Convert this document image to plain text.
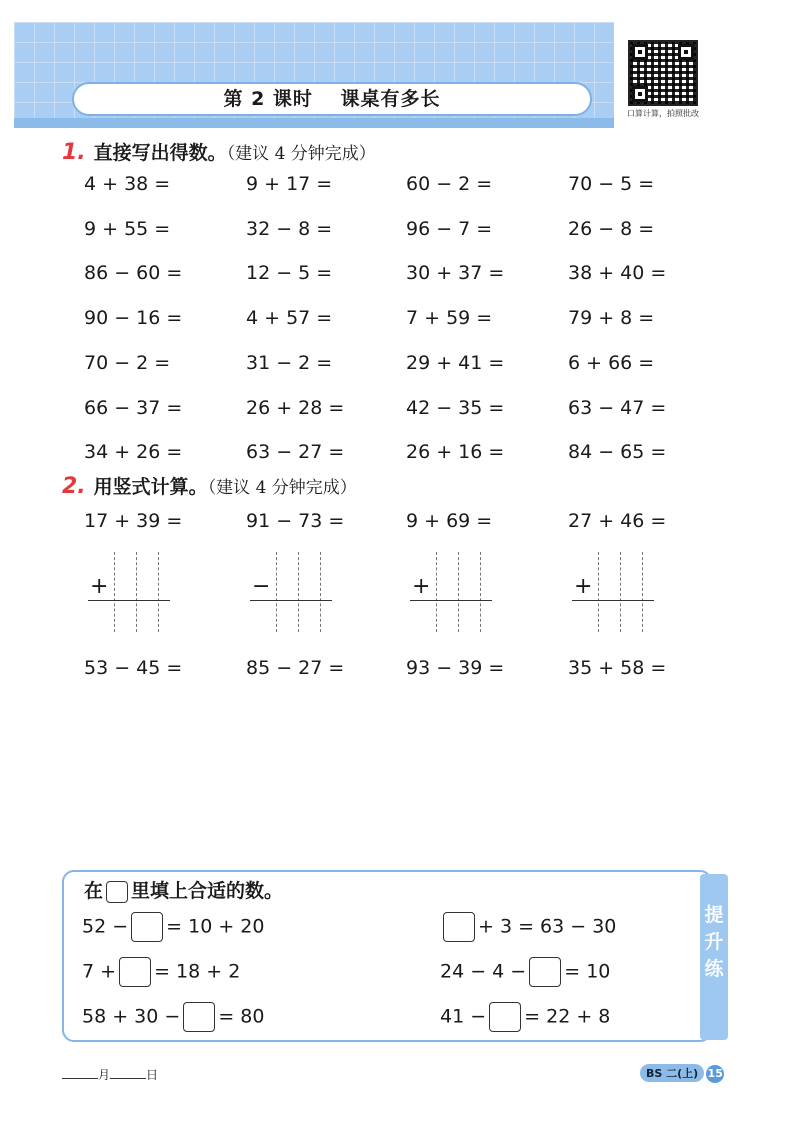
第 2 课时 课桌有多长
口算计算，拍照批改
1. 直接写出得数。（建议 4 分钟完成）
4 + 38 =	9 + 17 =	60 − 2 =	70 − 5 =
9 + 55 =	32 − 8 =	96 − 7 =	26 − 8 =
86 − 60 =	12 − 5 =	30 + 37 =	38 + 40 =
90 − 16 =	4 + 57 =	7 + 59 =	79 + 8 =
70 − 2 =	31 − 2 =	29 + 41 =	6 + 66 =
66 − 37 =	26 + 28 =	42 − 35 =	63 − 47 =
34 + 26 =	63 − 27 =	26 + 16 =	84 − 65 =
2. 用竖式计算。（建议 4 分钟完成）
17 + 39 =	91 − 73 =	9 + 69 =	27 + 46 =
53 − 45 =	85 − 27 =	93 − 39 =	35 + 58 =
+	−	+	+
在 里填上合适的数。
52 − = 10 + 20
7 + = 18 + 2
58 + 30 − = 80
+ 3 = 63 − 30
24 − 4 − = 10
41 − = 22 + 8
提
升
练
月	日	BS 二(上) 15
